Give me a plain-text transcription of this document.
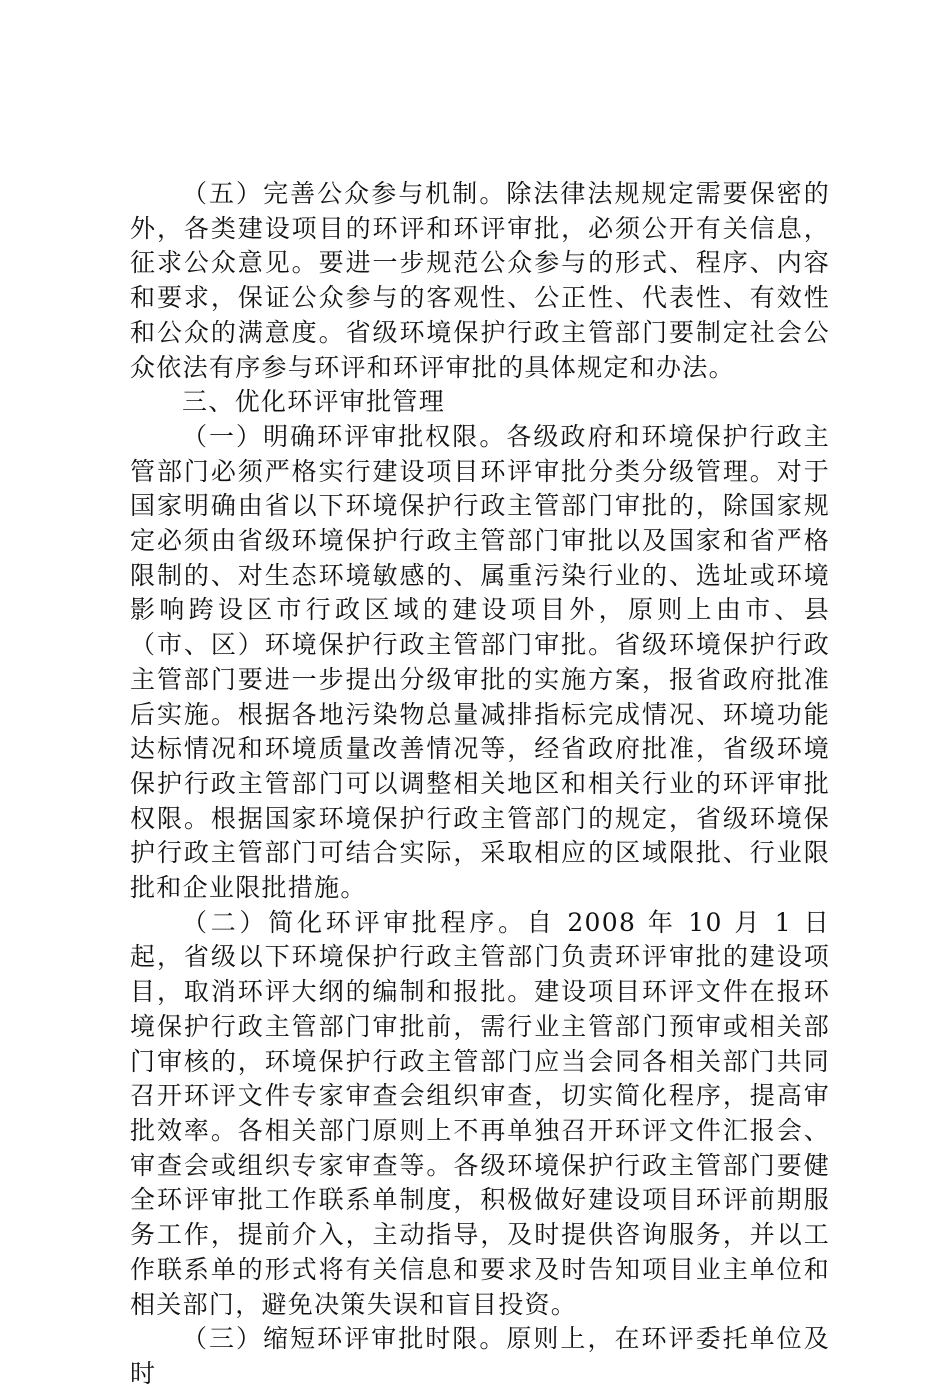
（五）完善公众参与机制。除法律法规规定需要保密的外，各类建设项目的环评和环评审批，必须公开有关信息，征求公众意见。要进一步规范公众参与的形式、程序、内容和要求，保证公众参与的客观性、公正性、代表性、有效性和公众的满意度。省级环境保护行政主管部门要制定社会公众依法有序参与环评和环评审批的具体规定和办法。

三、优化环评审批管理

（一）明确环评审批权限。各级政府和环境保护行政主管部门必须严格实行建设项目环评审批分类分级管理。对于国家明确由省以下环境保护行政主管部门审批的，除国家规定必须由省级环境保护行政主管部门审批以及国家和省严格限制的、对生态环境敏感的、属重污染行业的、选址或环境影响跨设区市行政区域的建设项目外，原则上由市、县（市、区）环境保护行政主管部门审批。省级环境保护行政主管部门要进一步提出分级审批的实施方案，报省政府批准后实施。根据各地污染物总量减排指标完成情况、环境功能达标情况和环境质量改善情况等，经省政府批准，省级环境保护行政主管部门可以调整相关地区和相关行业的环评审批权限。根据国家环境保护行政主管部门的规定，省级环境保护行政主管部门可结合实际，采取相应的区域限批、行业限批和企业限批措施。

（二）简化环评审批程序。自 2008 年 10 月 1 日起，省级以下环境保护行政主管部门负责环评审批的建设项目，取消环评大纲的编制和报批。建设项目环评文件在报环境保护行政主管部门审批前，需行业主管部门预审或相关部门审核的，环境保护行政主管部门应当会同各相关部门共同召开环评文件专家审查会组织审查，切实简化程序，提高审批效率。各相关部门原则上不再单独召开环评文件汇报会、审查会或组织专家审查等。各级环境保护行政主管部门要健全环评审批工作联系单制度，积极做好建设项目环评前期服务工作，提前介入，主动指导，及时提供咨询服务，并以工作联系单的形式将有关信息和要求及时告知项目业主单位和相关部门，避免决策失误和盲目投资。

（三）缩短环评审批时限。原则上，在环评委托单位及时
